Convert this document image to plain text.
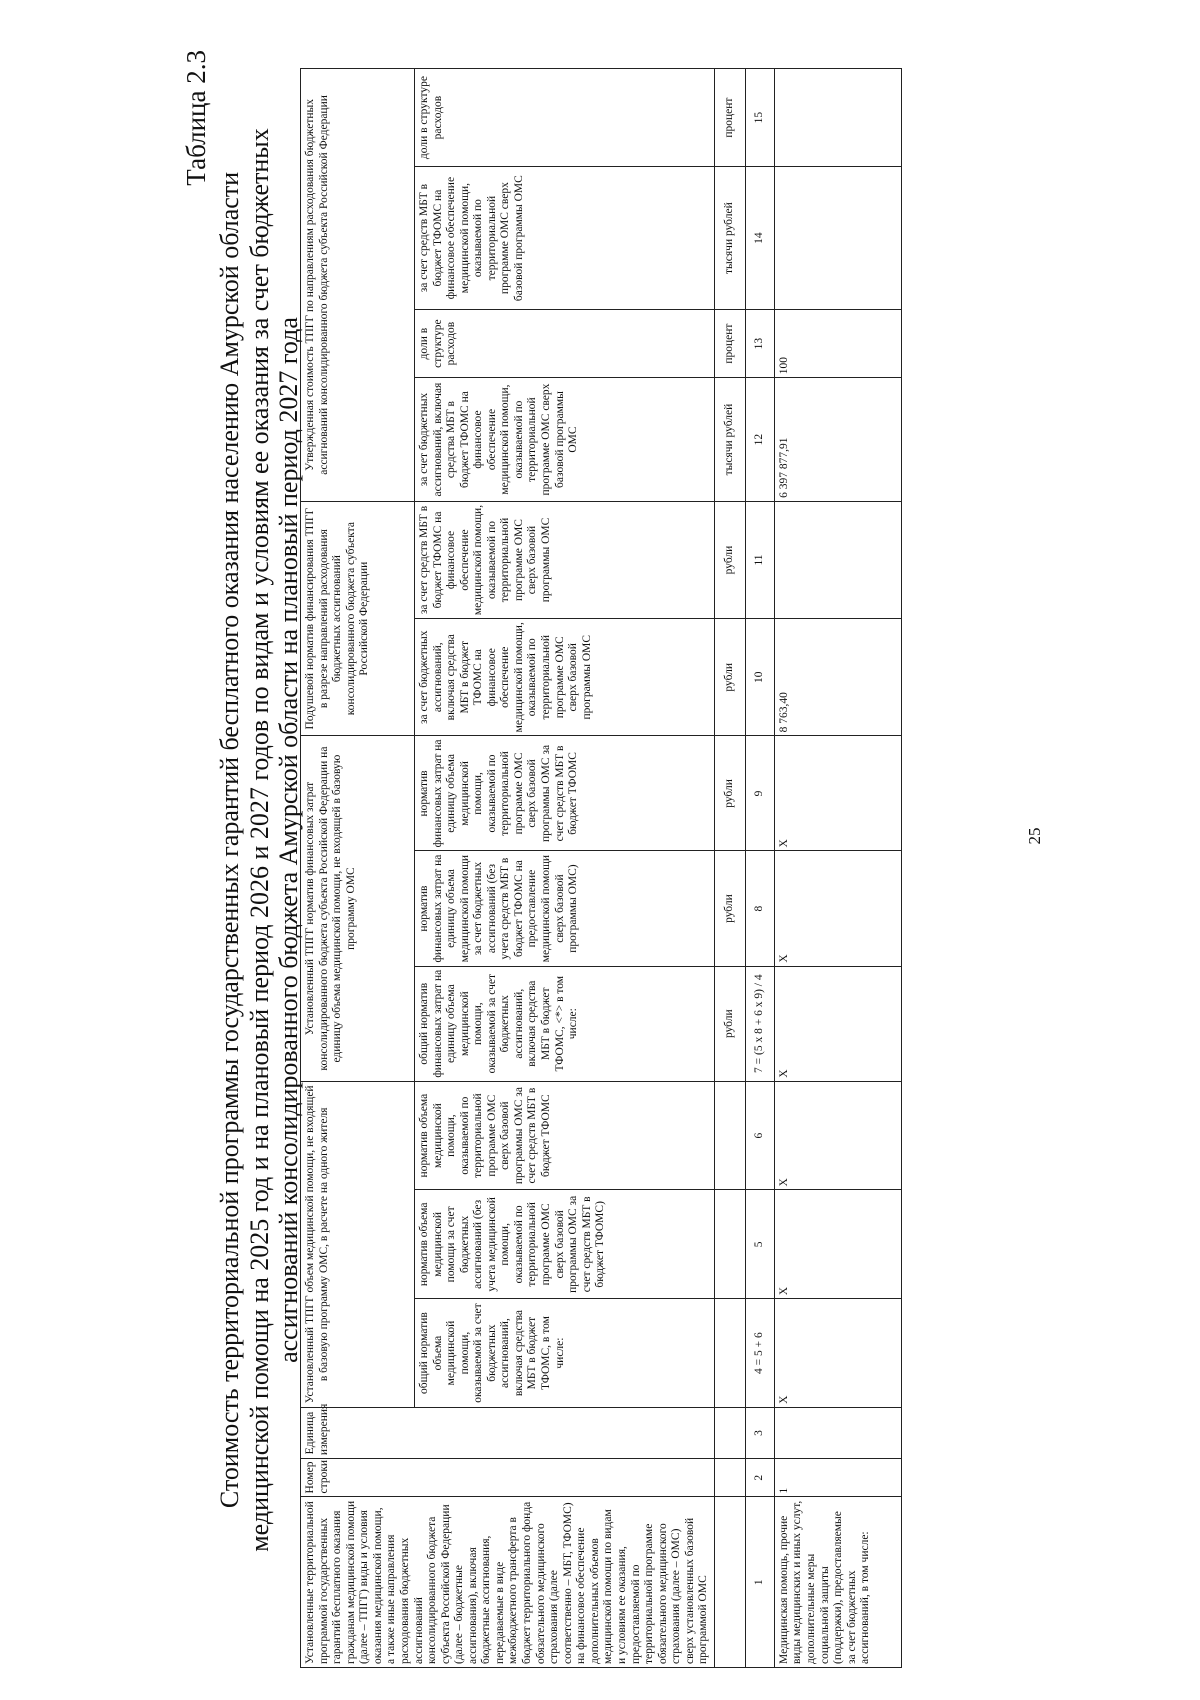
25
Таблица 2.3
Стоимость территориальной программы государственных гарантий бесплатного оказания населению Амурской области медицинской помощи на 2025 год и на плановый период 2026 и 2027 годов по видам и условиям ее оказания за счет бюджетных ассигнований консолидированного бюджета Амурской области на плановый период 2027 года
Установленные территориальной программой государственных гарантий бесплатного оказания гражданам медицинской помощи (далее – ТПГГ) виды и условия оказания медицинской помощи, а также иные направления расходования бюджетных ассигнований консолидированного бюджета субъекта Российской Федерации (далее – бюджетные ассигнования), включая бюджетные ассигнования, передаваемые в виде межбюджетного трансферта в бюджет территориального фонда обязательного медицинского страхования (далее соответственно – МБТ, ТФОМС) на финансовое обеспечение дополнительных объемов медицинской помощи по видам и условиям ее оказания, предоставляемой по территориальной программе обязательного медицинского страхования (далее – ОМС) сверх установленных базовой программой ОМС	Номер строки	Единица измерения	Установленный ТПГГ объем медицинской помощи, не входящей в базовую программу ОМС, в расчете на одного жителя			Установленный ТПГГ норматив финансовых затрат консолидированного бюджета субъекта Российской Федерации на единицу объема медицинской помощи, не входящей в базовую программу ОМС			Подушевой норматив финансирования ТПГГ в разрезе направлений расходования бюджетных ассигнований консолидированного бюджета субъекта Российской Федерации		Утвержденная стоимость ТПГГ по направлениям расходования бюджетных ассигнований консолидированного бюджета субъекта Российской Федерации			
			общий норматив объема медицинской помощи, оказываемой за счет бюджетных ассигнований, включая средства МБТ в бюджет ТФОМС, в том числе:	норматив объема медицинской помощи за счет бюджетных ассигнований (без учета медицинской помощи, оказываемой по территориальной программе ОМС сверх базовой программы ОМС за счет средств МБТ в бюджет ТФОМС)	норматив объема медицинской помощи, оказываемой по территориальной программе ОМС сверх базовой программы ОМС за счет средств МБТ в бюджет ТФОМС	общий норматив финансовых затрат на единицу объема медицинской помощи, оказываемой за счет бюджетных ассигнований, включая средства МБТ в бюджет ТФОМС, <*> в том числе:	норматив финансовых затрат на единицу объема медицинской помощи за счет бюджетных ассигнований (без учета средств МБТ в бюджет ТФОМС на предоставление медицинской помощи сверх базовой программы ОМС)	норматив финансовых затрат на единицу объема медицинской помощи, оказываемой по территориальной программе ОМС сверх базовой программы ОМС за счет средств МБТ в бюджет ТФОМС	за счет бюджетных ассигнований, включая средства МБТ в бюджет ТФОМС на финансовое обеспечение медицинской помощи, оказываемой по территориальной программе ОМС сверх базовой программы ОМС	за счет средств МБТ в бюджет ТФОМС на финансовое обеспечение медицинской помощи, оказываемой по территориальной программе ОМС сверх базовой программы ОМС	за счет бюджетных ассигнований, включая средства МБТ в бюджет ТФОМС на финансовое обеспечение медицинской помощи, оказываемой по территориальной программе ОМС сверх базовой программы ОМС	доли в структуре расходов	за счет средств МБТ в бюджет ТФОМС на финансовое обеспечение медицинской помощи, оказываемой по территориальной программе ОМС сверх базовой программы ОМС	доли в структуре расходов
						рубли	рубли	рубли	рубли	рубли	тысячи рублей	процент	тысячи рублей	процент
1	2	3	4 = 5 + 6	5	6	7 = (5 x 8 + 6 x 9) / 4	8	9	10	11	12	13	14	15
Медицинская помощь, прочие виды медицинских и иных услут, дополнительные меры социальной защиты (поддержки), предоставляемые за счет бюджетных ассигнований, в том числе:	1		X	X	X	X	X	X	8 763,40		6 397 877,91	100		
